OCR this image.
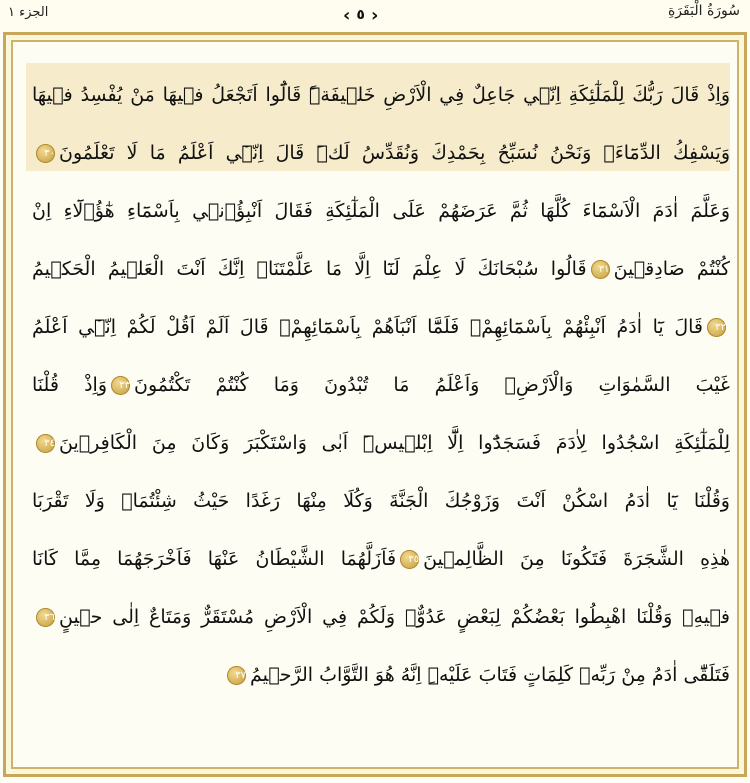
الجزء ١	‹ ٥ ›	سُورَةُ الْبَقَرَةِ
وَاِذْ قَالَ رَبُّكَ لِلْمَلٰٓئِكَةِ اِنّ۪ي جَاعِلٌ فِي الْاَرْضِ خَل۪يفَةًۜ قَالُٓوا اَتَجْعَلُ ف۪يهَا مَنْ يُفْسِدُ ف۪يهَا
وَيَسْفِكُ الدِّمَٓاءَۚ وَنَحْنُ نُسَبِّحُ بِحَمْدِكَ وَنُقَدِّسُ لَكَۜ قَالَ اِنّ۪ٓي اَعْلَمُ مَا لَا تَعْلَمُونَ٣٠
وَعَلَّمَ اٰدَمَ الْاَسْمَٓاءَ كُلَّهَا ثُمَّ عَرَضَهُمْ عَلَى الْمَلٰٓئِكَةِ فَقَالَ اَنْبِؤُ۫ن۪ي بِاَسْمَٓاءِ هٰٓؤُ۬لَٓاءِ اِنْ
كُنْتُمْ صَادِق۪ينَ٣١قَالُوا سُبْحَانَكَ لَا عِلْمَ لَنَٓا اِلَّا مَا عَلَّمْتَنَاۜ اِنَّكَ اَنْتَ الْعَل۪يمُ الْحَك۪يمُ
٣٢قَالَ يَٓا اٰدَمُ اَنْبِئْهُمْ بِاَسْمَٓائِهِمْۚ فَلَمَّٓا اَنْبَاَهُمْ بِاَسْمَٓائِهِمْۙ قَالَ اَلَمْ اَقُلْ لَكُمْ اِنّ۪ٓي اَعْلَمُ
غَيْبَ السَّمٰوَاتِ وَالْاَرْضِۙ وَاَعْلَمُ مَا تُبْدُونَ وَمَا كُنْتُمْ تَكْتُمُونَ٣٣وَاِذْ قُلْنَا
لِلْمَلٰٓئِكَةِ اسْجُدُوا لِاٰدَمَ فَسَجَدُٓوا اِلَّٓا اِبْل۪يسَۜ اَبٰى وَاسْتَكْبَرَ وَكَانَ مِنَ الْكَافِر۪ينَ٣٤
وَقُلْنَا يَٓا اٰدَمُ اسْكُنْ اَنْتَ وَزَوْجُكَ الْجَنَّةَ وَكُلَا مِنْهَا رَغَدًا حَيْثُ شِئْتُمَاۖ وَلَا تَقْرَبَا
هٰذِهِ الشَّجَرَةَ فَتَكُونَا مِنَ الظَّالِم۪ينَ٣٥فَاَزَلَّهُمَا الشَّيْطَانُ عَنْهَا فَاَخْرَجَهُمَا مِمَّا كَانَا
ف۪يهِۖ وَقُلْنَا اهْبِطُوا بَعْضُكُمْ لِبَعْضٍ عَدُوٌّۚ وَلَكُمْ فِي الْاَرْضِ مُسْتَقَرٌّ وَمَتَاعٌ اِلٰى ح۪ينٍ٣٦
فَتَلَقّٰٓى اٰدَمُ مِنْ رَبِّه۪ كَلِمَاتٍ فَتَابَ عَلَيْهِۜ اِنَّهُ هُوَ التَّوَّابُ الرَّح۪يمُ٣٧
